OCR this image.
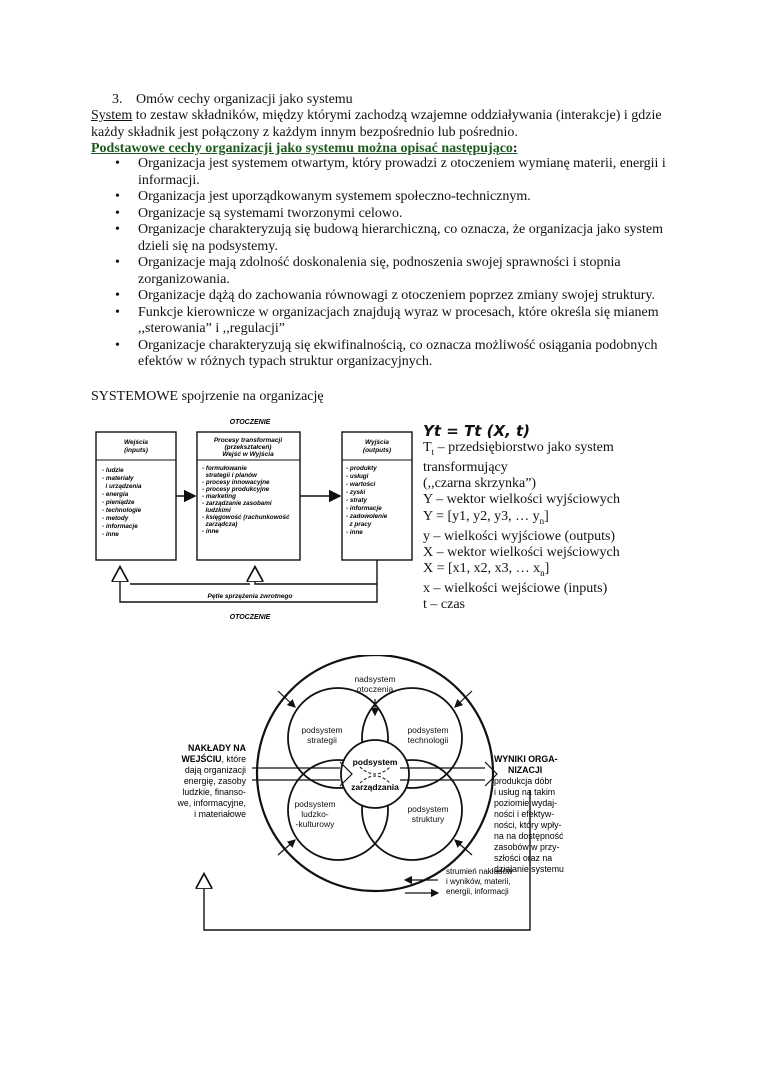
3. Omów cechy organizacji jako systemu
System to zestaw składników, między którymi zachodzą wzajemne oddziaływania (interakcje) i gdzie każdy składnik jest połączony z każdym innym bezpośrednio lub pośrednio.
Podstawowe cechy organizacji jako systemu można opisać następująco:
• Organizacja jest systemem otwartym, który prowadzi z otoczeniem wymianę materii, energii i informacji.
• Organizacja jest uporządkowanym systemem społeczno-technicznym.
• Organizacje są systemami tworzonymi celowo.
• Organizacje charakteryzują się budową hierarchiczną, co oznacza, że organizacja jako system dzieli się na podsystemy.
• Organizacje mają zdolność doskonalenia się, podnoszenia swojej sprawności i stopnia zorganizowania.
• Organizacje dążą do zachowania równowagi z otoczeniem poprzez zmiany swojej struktury.
• Funkcje kierownicze w organizacjach znajdują wyraz w procesach, które określa się mianem ,,sterowania” i ,,regulacji”
• Organizacje charakteryzują się ekwifinalnością, co oznacza możliwość osiągania podobnych efektów w różnych typach struktur organizacyjnych.
SYSTEMOWE spojrzenie na organizację
OTOCZENIE
Wejścia
(inputs)
Procesy transformacji
(przekształceń)
Wejść w Wyjścia
Wyjścia
(outputs)
- ludzie
- materiały
i urządzenia
- energia
- pieniądze
- technologie
- metody
- informacje
- inne
- formułowanie
strategii i planów
- procesy innowacyjne
- procesy produkcyjne
- marketing
- zarządzanie zasobami
ludzkimi
- księgowość (rachunkowość
zarządcza)
- inne
- produkty
- usługi
- wartości
- zyski
- straty
- informacje
- zadowolenie
z pracy
- inne
Pętle sprzężenia zwrotnego
OTOCZENIE
Yt = Tt (X, t)
$T_t$ – przedsiębiorstwo jako system
transformujący
(,,czarna skrzynka”)
Y – wektor wielkości wyjściowych
Y = [y1, y2, y3, … $y_n$]
y – wielkości wyjściowe (outputs)
X – wektor wielkości wejściowych
X = [x1, x2, x3, … $x_n$]
x – wielkości wejściowe (inputs)
t – czas
nadsystem
otoczenia
podsystem
strategii
podsystem
technologii
podsystem
ludzko-
-kulturowy
podsystem
struktury
podsystem
zarządzania
strumień nakładów
i wyników, materii,
energii, informacji
NAKŁADY NA
WEJŚCIU, które
dają organizacji
energię, zasoby
ludzkie, finanso-
we, informacyjne,
i materiałowe
WYNIKI ORGA-
NIZACJI
produkcja dóbr
i usług na takim
poziomie wydaj-
ności i efektyw-
ności, który wpły-
na na dostępność
zasobów w przy-
szłości oraz na
działanie systemu
